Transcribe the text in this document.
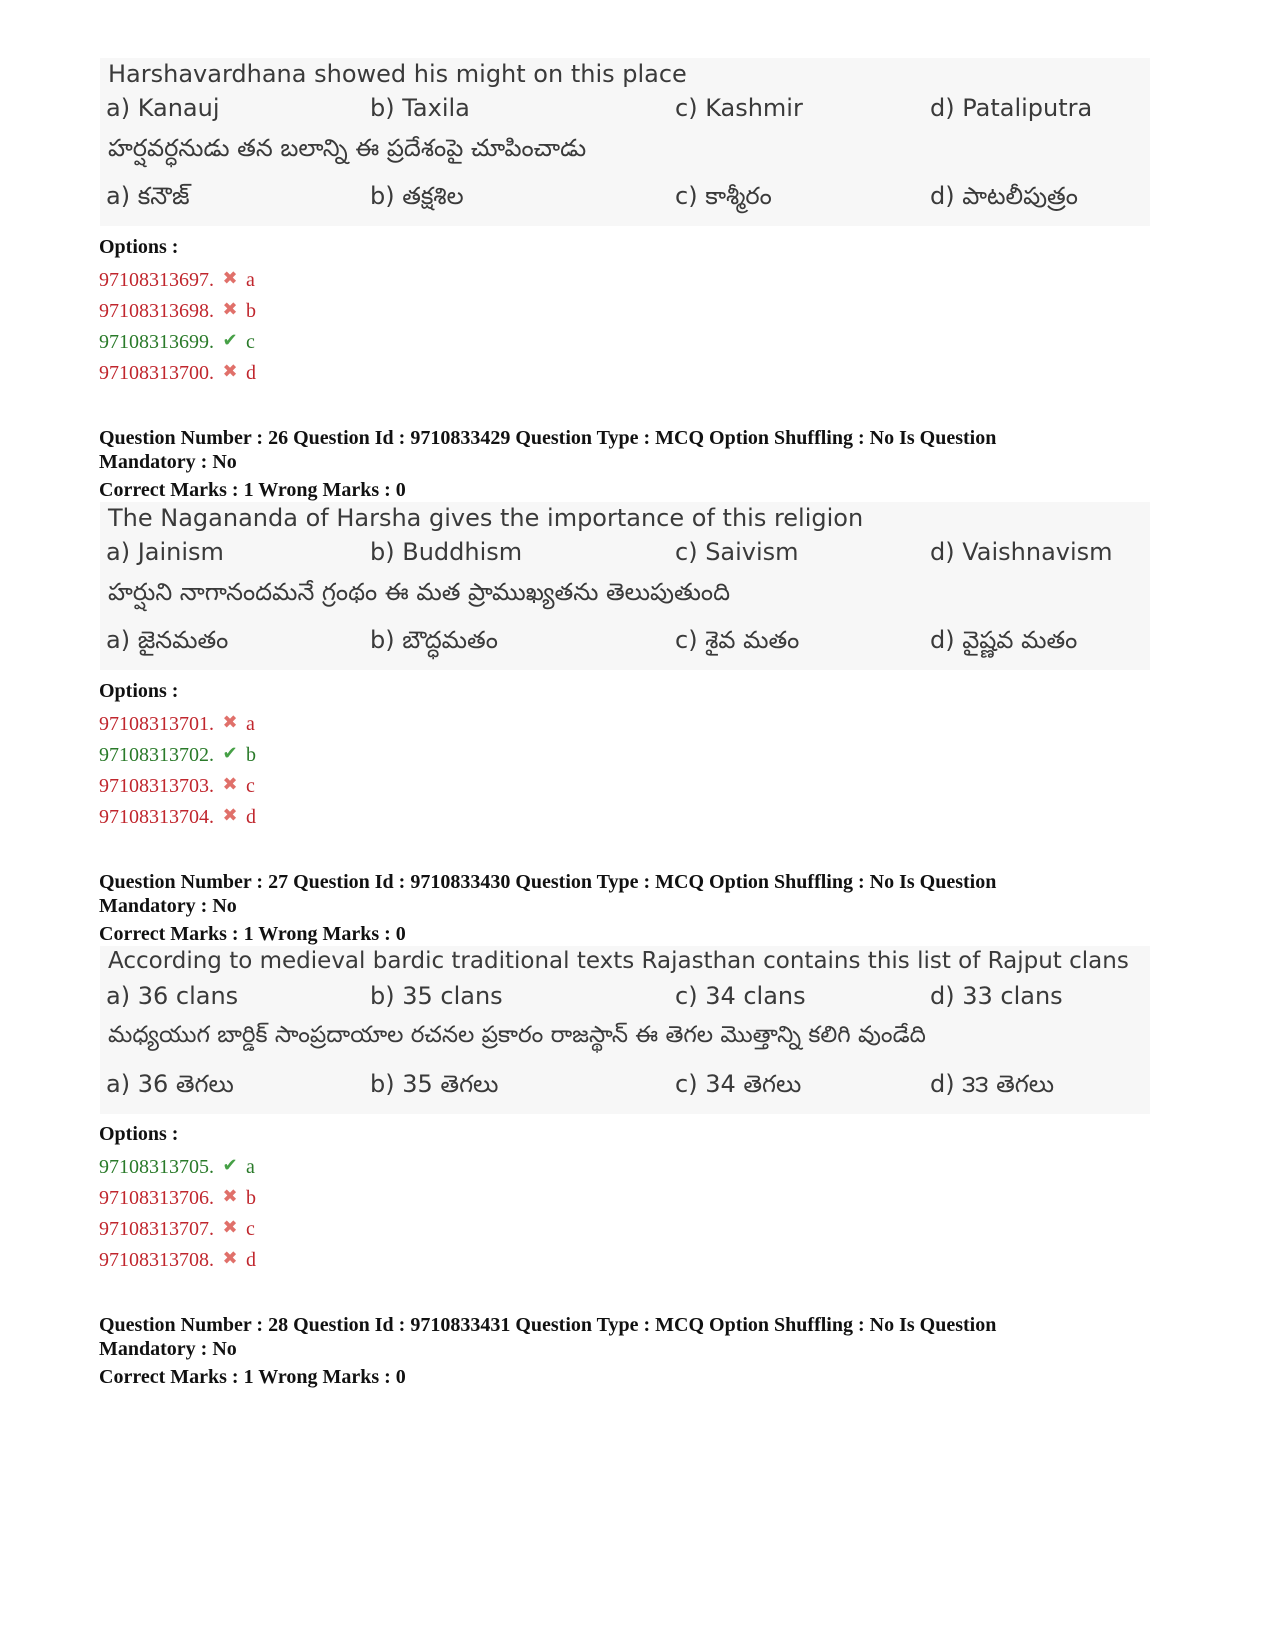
Harshavardhana showed his might on this place
a) Kanauj	b) Taxila	c) Kashmir	d) Pataliputra
హర్షవర్ధనుడు తన బలాన్ని ఈ ప్రదేశంపై చూపించాడు
a) కనౌజ్	b) తక్షశిల	c) కాశ్మీరం	d) పాటలీపుత్రం
Options :
97108313697. ✖ a
97108313698. ✖ b
97108313699. ✔ c
97108313700. ✖ d
Question Number : 26 Question Id : 9710833429 Question Type : MCQ Option Shuffling : No Is Question
Mandatory : No
Correct Marks : 1 Wrong Marks : 0
The Nagananda of Harsha gives the importance of this religion
a) Jainism	b) Buddhism	c) Saivism	d) Vaishnavism
హర్షుని నాగానందమనే గ్రంథం ఈ మత ప్రాముఖ్యతను తెలుపుతుంది
a) జైనమతం	b) బౌద్ధమతం	c) శైవ మతం	d) వైష్ణవ మతం
Options :
97108313701. ✖ a
97108313702. ✔ b
97108313703. ✖ c
97108313704. ✖ d
Question Number : 27 Question Id : 9710833430 Question Type : MCQ Option Shuffling : No Is Question
Mandatory : No
Correct Marks : 1 Wrong Marks : 0
According to medieval bardic traditional texts Rajasthan contains this list of Rajput clans
a) 36 clans	b) 35 clans	c) 34 clans	d) 33 clans
మధ్యయుగ బార్డిక్ సాంప్రదాయాల రచనల ప్రకారం రాజస్థాన్ ఈ తెగల మొత్తాన్ని కలిగి వుండేది
a) 36 తెగలు	b) 35 తెగలు	c) 34 తెగలు	d) ౩౩ తెగలు
Options :
97108313705. ✔ a
97108313706. ✖ b
97108313707. ✖ c
97108313708. ✖ d
Question Number : 28 Question Id : 9710833431 Question Type : MCQ Option Shuffling : No Is Question
Mandatory : No
Correct Marks : 1 Wrong Marks : 0
